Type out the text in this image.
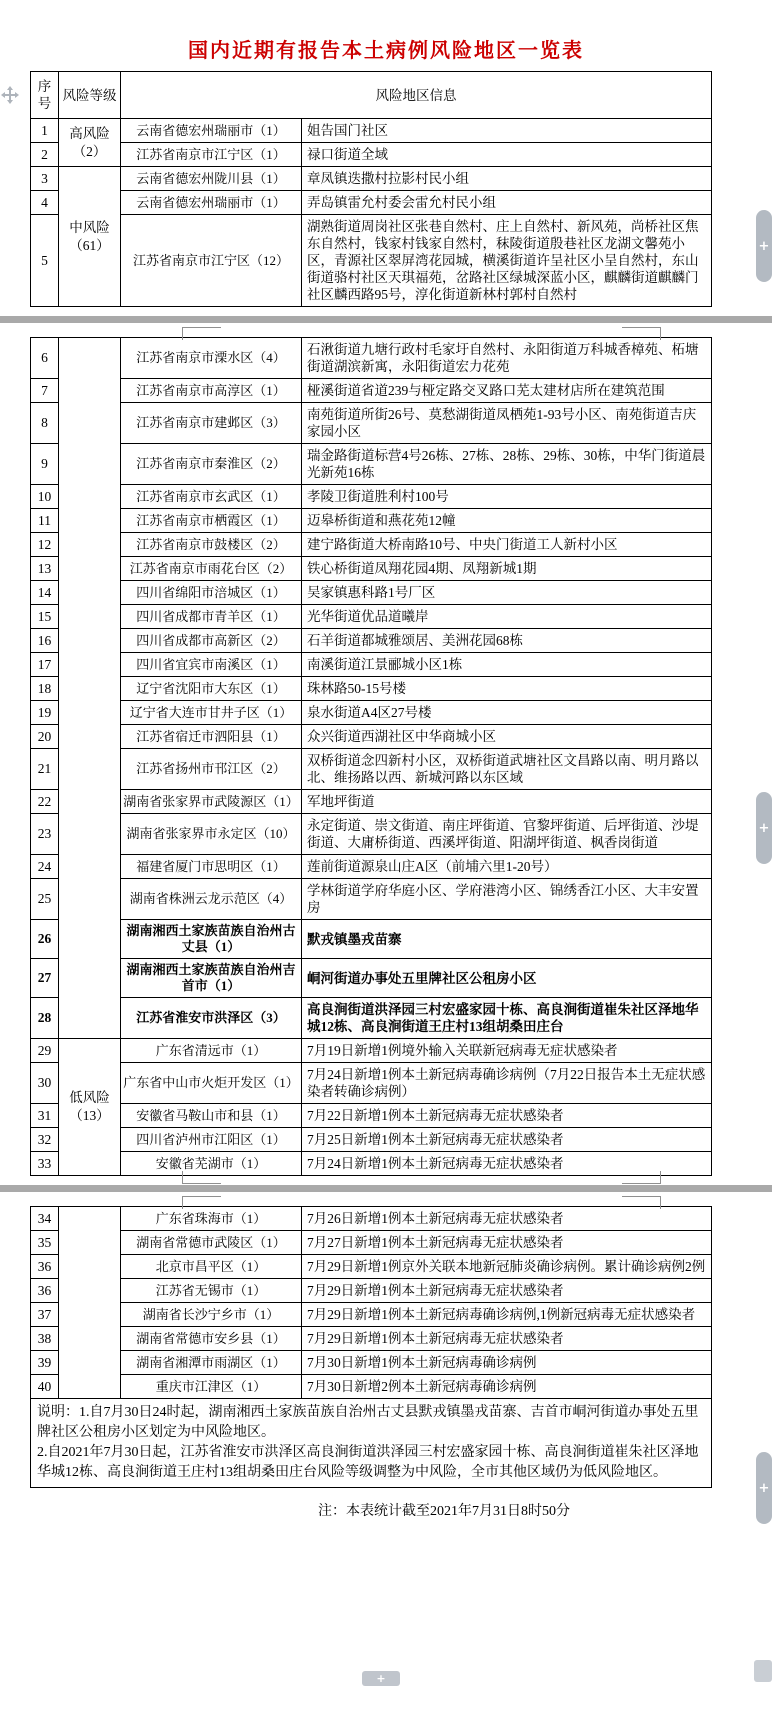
+
+
+
+
国内近期有报告本土病例风险地区一览表
序号	风险等级	风险地区信息	
1	高风险（2）	云南省德宏州瑞丽市（1）	姐告国门社区
2		江苏省南京市江宁区（1）	禄口街道全域
3	中风险（61）	云南省德宏州陇川县（1）	章凤镇迭撒村拉影村民小组
4		云南省德宏州瑞丽市（1）	弄岛镇雷允村委会雷允村民小组
5		江苏省南京市江宁区（12）	湖熟街道周岗社区张巷自然村、庄上自然村、新风苑，尚桥社区焦东自然村，钱家村钱家自然村，秣陵街道殷巷社区龙湖文馨苑小区，青源社区翠屏湾花园城，横溪街道许呈社区小呈自然村，东山街道骆村社区天琪福苑，岔路社区绿城深蓝小区，麒麟街道麒麟门社区麟西路95号，淳化街道新林村郭村自然村
6		江苏省南京市溧水区（4）	石湫街道九塘行政村毛家圩自然村、永阳街道万科城香樟苑、柘塘街道湖滨新寓，永阳街道宏力花苑
7		江苏省南京市高淳区（1）	桠溪街道省道239与桠定路交叉路口芜太建材店所在建筑范围
8		江苏省南京市建邺区（3）	南苑街道所街26号、莫愁湖街道凤栖苑1-93号小区、南苑街道吉庆家园小区
9		江苏省南京市秦淮区（2）	瑞金路街道标营4号26栋、27栋、28栋、29栋、30栋，中华门街道晨光新苑16栋
10		江苏省南京市玄武区（1）	孝陵卫街道胜利村100号
11		江苏省南京市栖霞区（1）	迈皋桥街道和燕花苑12幢
12		江苏省南京市鼓楼区（2）	建宁路街道大桥南路10号、中央门街道工人新村小区
13		江苏省南京市雨花台区（2）	铁心桥街道凤翔花园4期、凤翔新城1期
14		四川省绵阳市涪城区（1）	吴家镇惠科路1号厂区
15		四川省成都市青羊区（1）	光华街道优品道曦岸
16		四川省成都市高新区（2）	石羊街道都城雅颂居、美洲花园68栋
17		四川省宜宾市南溪区（1）	南溪街道江景郦城小区1栋
18		辽宁省沈阳市大东区（1）	珠林路50-15号楼
19		辽宁省大连市甘井子区（1）	泉水街道A4区27号楼
20		江苏省宿迁市泗阳县（1）	众兴街道西湖社区中华商城小区
21		江苏省扬州市邗江区（2）	双桥街道念四新村小区，双桥街道武塘社区文昌路以南、明月路以北、维扬路以西、新城河路以东区域
22		湖南省张家界市武陵源区（1）	军地坪街道
23		湖南省张家界市永定区（10）	永定街道、崇文街道、南庄坪街道、官黎坪街道、后坪街道、沙堤街道、大庸桥街道、西溪坪街道、阳湖坪街道、枫香岗街道
24		福建省厦门市思明区（1）	莲前街道源泉山庄A区（前埔六里1-20号）
25		湖南省株洲云龙示范区（4）	学林街道学府华庭小区、学府港湾小区、锦绣香江小区、大丰安置房
26		湖南湘西土家族苗族自治州古丈县（1）	默戎镇墨戎苗寨
27		湖南湘西土家族苗族自治州吉首市（1）	峒河街道办事处五里牌社区公租房小区
28		江苏省淮安市洪泽区（3）	高良涧街道洪泽园三村宏盛家园十栋、高良涧街道崔朱社区泽地华城12栋、高良涧街道王庄村13组胡桑田庄台
29	低风险（13）	广东省清远市（1）	7月19日新增1例境外输入关联新冠病毒无症状感染者
30		广东省中山市火炬开发区（1）	7月24日新增1例本土新冠病毒确诊病例（7月22日报告本土无症状感染者转确诊病例）
31		安徽省马鞍山市和县（1）	7月22日新增1例本土新冠病毒无症状感染者
32		四川省泸州市江阳区（1）	7月25日新增1例本土新冠病毒无症状感染者
33		安徽省芜湖市（1）	7月24日新增1例本土新冠病毒无症状感染者
34		广东省珠海市（1）	7月26日新增1例本土新冠病毒无症状感染者
35		湖南省常德市武陵区（1）	7月27日新增1例本土新冠病毒无症状感染者
36		北京市昌平区（1）	7月29日新增1例京外关联本地新冠肺炎确诊病例。累计确诊病例2例
36		江苏省无锡市（1）	7月29日新增1例本土新冠病毒无症状感染者
37		湖南省长沙宁乡市（1）	7月29日新增1例本土新冠病毒确诊病例,1例新冠病毒无症状感染者
38		湖南省常德市安乡县（1）	7月29日新增1例本土新冠病毒无症状感染者
39		湖南省湘潭市雨湖区（1）	7月30日新增1例本土新冠病毒确诊病例
40		重庆市江津区（1）	7月30日新增2例本土新冠病毒确诊病例

说明：1.自7月30日24时起，湖南湘西土家族苗族自治州古丈县默戎镇墨戎苗寨、吉首市峒河街道办事处五里牌社区公租房小区划定为中风险地区。
2.自2021年7月30日起，江苏省淮安市洪泽区高良涧街道洪泽园三村宏盛家园十栋、高良涧街道崔朱社区泽地华城12栋、高良涧街道王庄村13组胡桑田庄台风险等级调整为中风险，全市其他区域仍为低风险地区。			
注：本表统计截至2021年7月31日8时50分
